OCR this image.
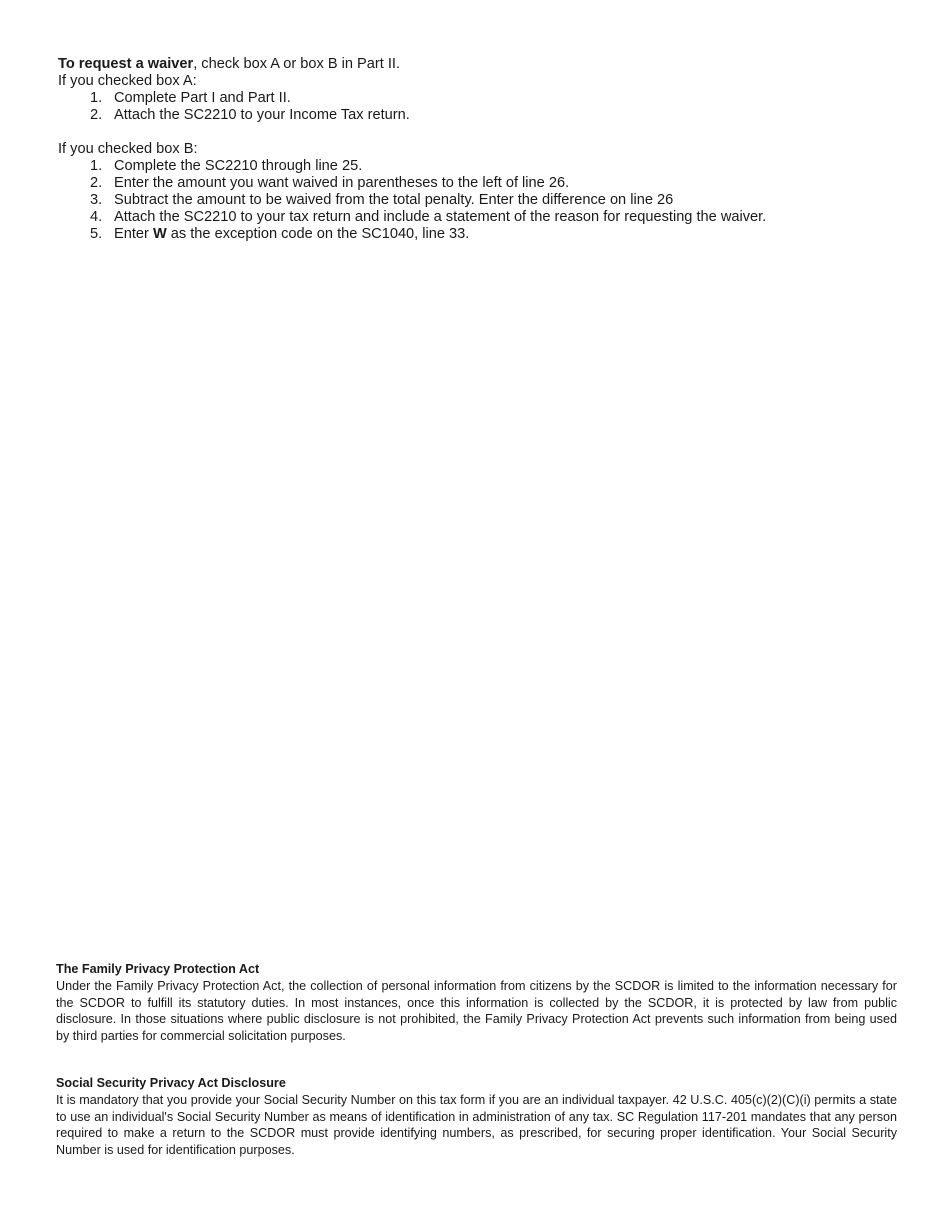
To request a waiver, check box A or box B in Part II.

If you checked box A:

1. Complete Part I and Part II.
2. Attach the SC2210 to your Income Tax return.

If you checked box B:

1. Complete the SC2210 through line 25.
2. Enter the amount you want waived in parentheses to the left of line 26.
3. Subtract the amount to be waived from the total penalty. Enter the difference on line 26
4. Attach the SC2210 to your tax return and include a statement of the reason for requesting the waiver.
5. Enter W as the exception code on the SC1040, line 33.
The Family Privacy Protection Act

Under the Family Privacy Protection Act, the collection of personal information from citizens by the SCDOR is limited to the information necessary for the SCDOR to fulfill its statutory duties. In most instances, once this information is collected by the SCDOR, it is protected by law from public disclosure. In those situations where public disclosure is not prohibited, the Family Privacy Protection Act prevents such information from being used by third parties for commercial solicitation purposes.

Social Security Privacy Act Disclosure

It is mandatory that you provide your Social Security Number on this tax form if you are an individual taxpayer. 42 U.S.C. 405(c)(2)(C)(i) permits a state to use an individual's Social Security Number as means of identification in administration of any tax. SC Regulation 117-201 mandates that any person required to make a return to the SCDOR must provide identifying numbers, as prescribed, for securing proper identification. Your Social Security Number is used for identification purposes.
